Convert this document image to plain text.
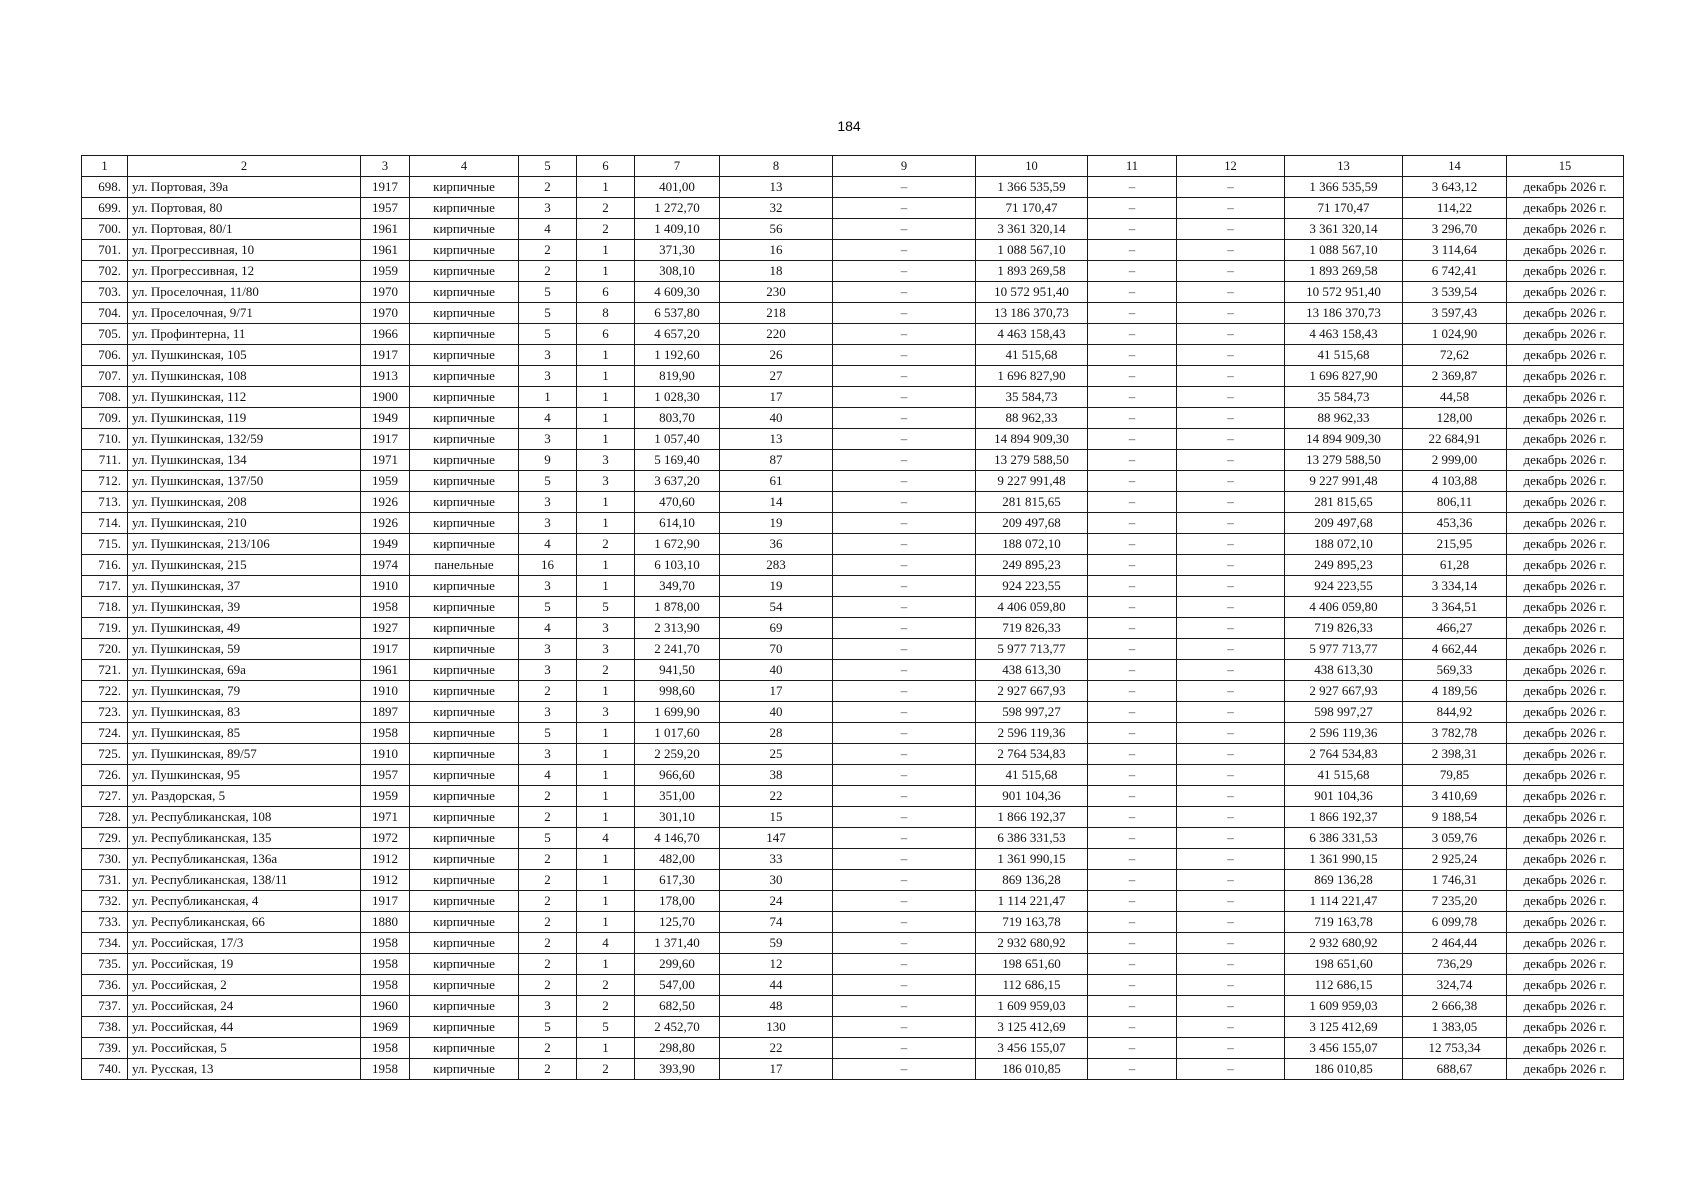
184
1	2	3	4	5	6	7	8	9	10	11	12	13	14	15
698.	ул. Портовая, 39а	1917	кирпичные	2	1	401,00	13	–	1 366 535,59	–	–	1 366 535,59	3 643,12	декабрь 2026 г.
699.	ул. Портовая, 80	1957	кирпичные	3	2	1 272,70	32	–	71 170,47	–	–	71 170,47	114,22	декабрь 2026 г.
700.	ул. Портовая, 80/1	1961	кирпичные	4	2	1 409,10	56	–	3 361 320,14	–	–	3 361 320,14	3 296,70	декабрь 2026 г.
701.	ул. Прогрессивная, 10	1961	кирпичные	2	1	371,30	16	–	1 088 567,10	–	–	1 088 567,10	3 114,64	декабрь 2026 г.
702.	ул. Прогрессивная, 12	1959	кирпичные	2	1	308,10	18	–	1 893 269,58	–	–	1 893 269,58	6 742,41	декабрь 2026 г.
703.	ул. Проселочная, 11/80	1970	кирпичные	5	6	4 609,30	230	–	10 572 951,40	–	–	10 572 951,40	3 539,54	декабрь 2026 г.
704.	ул. Проселочная, 9/71	1970	кирпичные	5	8	6 537,80	218	–	13 186 370,73	–	–	13 186 370,73	3 597,43	декабрь 2026 г.
705.	ул. Профинтерна, 11	1966	кирпичные	5	6	4 657,20	220	–	4 463 158,43	–	–	4 463 158,43	1 024,90	декабрь 2026 г.
706.	ул. Пушкинская, 105	1917	кирпичные	3	1	1 192,60	26	–	41 515,68	–	–	41 515,68	72,62	декабрь 2026 г.
707.	ул. Пушкинская, 108	1913	кирпичные	3	1	819,90	27	–	1 696 827,90	–	–	1 696 827,90	2 369,87	декабрь 2026 г.
708.	ул. Пушкинская, 112	1900	кирпичные	1	1	1 028,30	17	–	35 584,73	–	–	35 584,73	44,58	декабрь 2026 г.
709.	ул. Пушкинская, 119	1949	кирпичные	4	1	803,70	40	–	88 962,33	–	–	88 962,33	128,00	декабрь 2026 г.
710.	ул. Пушкинская, 132/59	1917	кирпичные	3	1	1 057,40	13	–	14 894 909,30	–	–	14 894 909,30	22 684,91	декабрь 2026 г.
711.	ул. Пушкинская, 134	1971	кирпичные	9	3	5 169,40	87	–	13 279 588,50	–	–	13 279 588,50	2 999,00	декабрь 2026 г.
712.	ул. Пушкинская, 137/50	1959	кирпичные	5	3	3 637,20	61	–	9 227 991,48	–	–	9 227 991,48	4 103,88	декабрь 2026 г.
713.	ул. Пушкинская, 208	1926	кирпичные	3	1	470,60	14	–	281 815,65	–	–	281 815,65	806,11	декабрь 2026 г.
714.	ул. Пушкинская, 210	1926	кирпичные	3	1	614,10	19	–	209 497,68	–	–	209 497,68	453,36	декабрь 2026 г.
715.	ул. Пушкинская, 213/106	1949	кирпичные	4	2	1 672,90	36	–	188 072,10	–	–	188 072,10	215,95	декабрь 2026 г.
716.	ул. Пушкинская, 215	1974	панельные	16	1	6 103,10	283	–	249 895,23	–	–	249 895,23	61,28	декабрь 2026 г.
717.	ул. Пушкинская, 37	1910	кирпичные	3	1	349,70	19	–	924 223,55	–	–	924 223,55	3 334,14	декабрь 2026 г.
718.	ул. Пушкинская, 39	1958	кирпичные	5	5	1 878,00	54	–	4 406 059,80	–	–	4 406 059,80	3 364,51	декабрь 2026 г.
719.	ул. Пушкинская, 49	1927	кирпичные	4	3	2 313,90	69	–	719 826,33	–	–	719 826,33	466,27	декабрь 2026 г.
720.	ул. Пушкинская, 59	1917	кирпичные	3	3	2 241,70	70	–	5 977 713,77	–	–	5 977 713,77	4 662,44	декабрь 2026 г.
721.	ул. Пушкинская, 69а	1961	кирпичные	3	2	941,50	40	–	438 613,30	–	–	438 613,30	569,33	декабрь 2026 г.
722.	ул. Пушкинская, 79	1910	кирпичные	2	1	998,60	17	–	2 927 667,93	–	–	2 927 667,93	4 189,56	декабрь 2026 г.
723.	ул. Пушкинская, 83	1897	кирпичные	3	3	1 699,90	40	–	598 997,27	–	–	598 997,27	844,92	декабрь 2026 г.
724.	ул. Пушкинская, 85	1958	кирпичные	5	1	1 017,60	28	–	2 596 119,36	–	–	2 596 119,36	3 782,78	декабрь 2026 г.
725.	ул. Пушкинская, 89/57	1910	кирпичные	3	1	2 259,20	25	–	2 764 534,83	–	–	2 764 534,83	2 398,31	декабрь 2026 г.
726.	ул. Пушкинская, 95	1957	кирпичные	4	1	966,60	38	–	41 515,68	–	–	41 515,68	79,85	декабрь 2026 г.
727.	ул. Раздорская, 5	1959	кирпичные	2	1	351,00	22	–	901 104,36	–	–	901 104,36	3 410,69	декабрь 2026 г.
728.	ул. Республиканская, 108	1971	кирпичные	2	1	301,10	15	–	1 866 192,37	–	–	1 866 192,37	9 188,54	декабрь 2026 г.
729.	ул. Республиканская, 135	1972	кирпичные	5	4	4 146,70	147	–	6 386 331,53	–	–	6 386 331,53	3 059,76	декабрь 2026 г.
730.	ул. Республиканская, 136а	1912	кирпичные	2	1	482,00	33	–	1 361 990,15	–	–	1 361 990,15	2 925,24	декабрь 2026 г.
731.	ул. Республиканская, 138/11	1912	кирпичные	2	1	617,30	30	–	869 136,28	–	–	869 136,28	1 746,31	декабрь 2026 г.
732.	ул. Республиканская, 4	1917	кирпичные	2	1	178,00	24	–	1 114 221,47	–	–	1 114 221,47	7 235,20	декабрь 2026 г.
733.	ул. Республиканская, 66	1880	кирпичные	2	1	125,70	74	–	719 163,78	–	–	719 163,78	6 099,78	декабрь 2026 г.
734.	ул. Российская, 17/3	1958	кирпичные	2	4	1 371,40	59	–	2 932 680,92	–	–	2 932 680,92	2 464,44	декабрь 2026 г.
735.	ул. Российская, 19	1958	кирпичные	2	1	299,60	12	–	198 651,60	–	–	198 651,60	736,29	декабрь 2026 г.
736.	ул. Российская, 2	1958	кирпичные	2	2	547,00	44	–	112 686,15	–	–	112 686,15	324,74	декабрь 2026 г.
737.	ул. Российская, 24	1960	кирпичные	3	2	682,50	48	–	1 609 959,03	–	–	1 609 959,03	2 666,38	декабрь 2026 г.
738.	ул. Российская, 44	1969	кирпичные	5	5	2 452,70	130	–	3 125 412,69	–	–	3 125 412,69	1 383,05	декабрь 2026 г.
739.	ул. Российская, 5	1958	кирпичные	2	1	298,80	22	–	3 456 155,07	–	–	3 456 155,07	12 753,34	декабрь 2026 г.
740.	ул. Русская, 13	1958	кирпичные	2	2	393,90	17	–	186 010,85	–	–	186 010,85	688,67	декабрь 2026 г.
